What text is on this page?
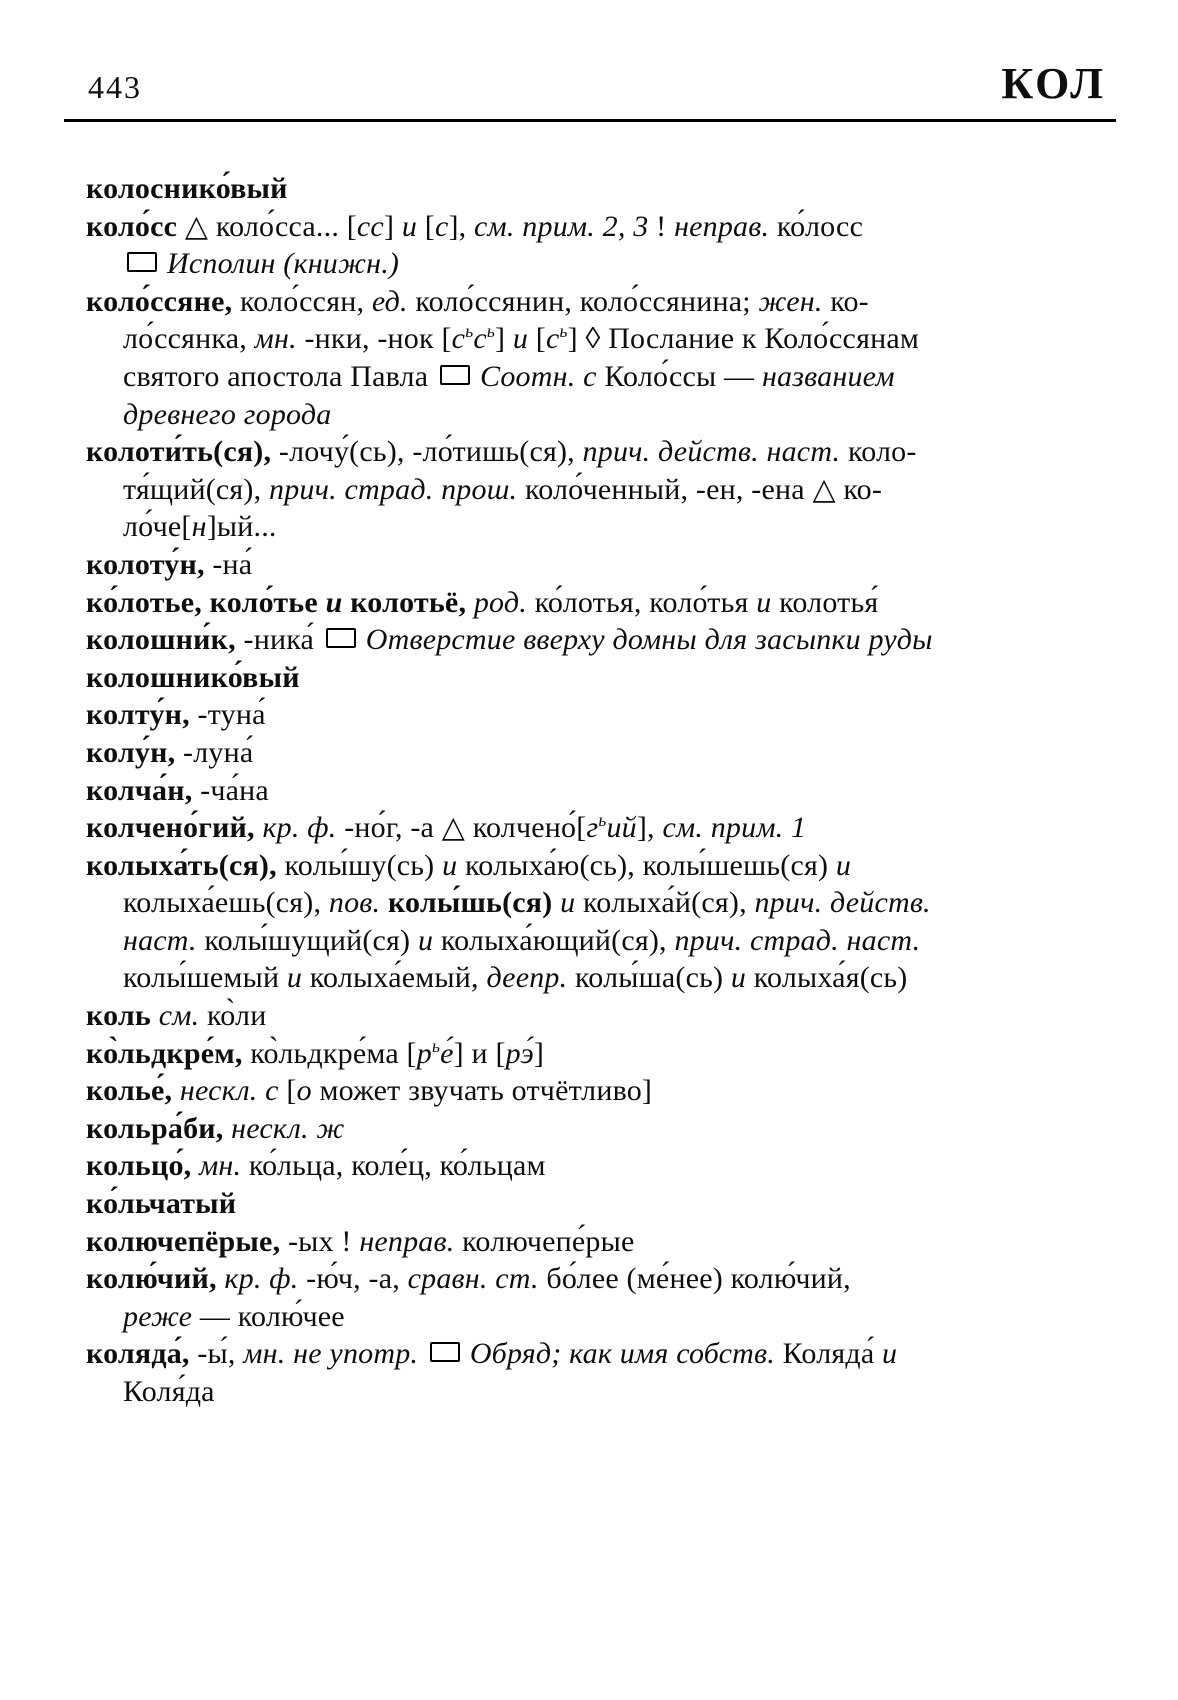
443	КОЛ
колоснико́вый
коло́сс △ коло́сса... [сс] и [с], см. прим. 2, 3 ! неправ. ко́лосс
Исполин (книжн.)
коло́ссяне, коло́ссян, ед. коло́ссянин, коло́ссянина; жен. ко-
ло́ссянка, мн. -нки, -нок $[с^ьс^ь]$ и $[с^ь]$ ◊ Послание к Коло́ссянам
святого апостола Павла Соотн. с Коло́ссы — названием
древнего города
колоти́ть(ся), -лочу́(сь), -ло́тишь(ся), прич. действ. наст. коло-
тя́щий(ся), прич. страд. прош. коло́ченный, -ен, -ена △ ко-
ло́че[н]ый...
колоту́н, -на́
ко́лотье, коло́тье и колотьё, род. ко́лотья, коло́тья и колотья́
колошни́к, -ника́ Отверстие вверху домны для засыпки руды
колошнико́вый
колту́н, -туна́
колу́н, -луна́
колча́н, -ча́на
колчено́гий, кр. ф. -но́г, -а △ $колчено́[г^ьий]$, см. прим. 1
колыха́ть(ся), колы́шу(сь) и колыха́ю(сь), колы́шешь(ся) и
колыха́ешь(ся), пов. колы́шь(ся) и колыха́й(ся), прич. действ.
наст. колы́шущий(ся) и колыха́ющий(ся), прич. страд. наст.
колы́шемый и колыха́емый, деепр. колы́ша(сь) и колыха́я(сь)
коль см. ко̀ли
ко̀льдкре́м, ко̀льдкре́ма $[р^ье́]$ и [рэ́]
колье́, нескл. с [о может звучать отчётливо]
кольра́би, нескл. ж
кольцо́, мн. ко́льца, коле́ц, ко́льцам
ко́льчатый
колючепёрые, -ых ! неправ. колючепе́рые
колю́чий, кр. ф. -ю́ч, -а, сравн. ст. бо́лее (ме́нее) колю́чий,
реже — колю́чее
коляда́, -ы́, мн. не употр. Обряд; как имя собств. Коляда́ и
Коля́да
